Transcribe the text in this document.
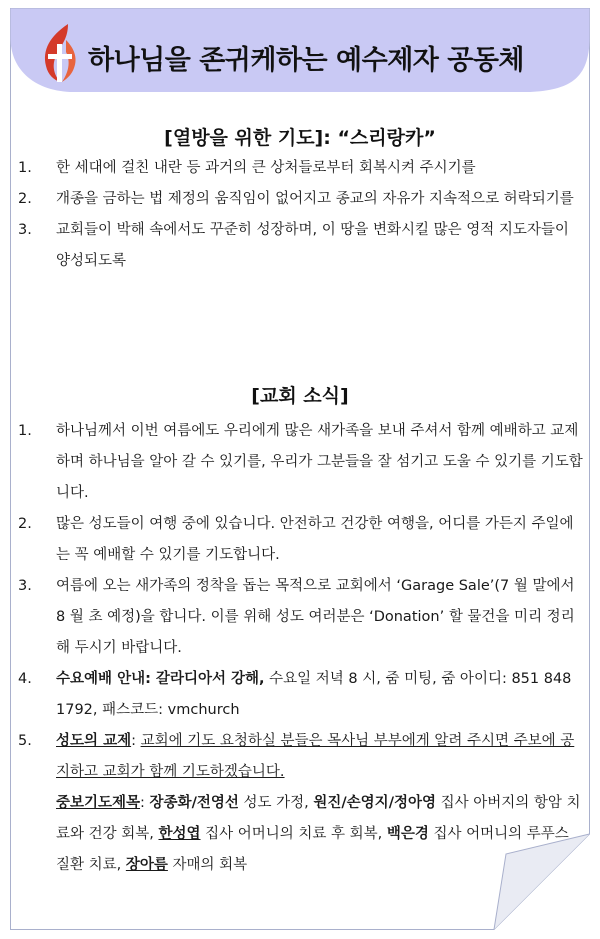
하나님을 존귀케하는 예수제자 공동체
[열방을 위한 기도]: “스리랑카”
1.	한 세대에 걸친 내란 등 과거의 큰 상처들로부터 회복시켜 주시기를
2.	개종을 금하는 법 제정의 움직임이 없어지고 종교의 자유가 지속적으로 허락되기를
3.	교회들이 박해 속에서도 꾸준히 성장하며, 이 땅을 변화시킬 많은 영적 지도자들이 양성되도록
[교회 소식]
1.	하나님께서 이번 여름에도 우리에게 많은 새가족을 보내 주셔서 함께 예배하고 교제하며 하나님을 알아 갈 수 있기를, 우리가 그분들을 잘 섬기고 도울 수 있기를 기도합니다.
2.	많은 성도들이 여행 중에 있습니다. 안전하고 건강한 여행을, 어디를 가든지 주일에는 꼭 예배할 수 있기를 기도합니다.
3.	여름에 오는 새가족의 정착을 돕는 목적으로 교회에서 ‘Garage Sale’(7 월 말에서 8 월 초 예정)을 합니다. 이를 위해 성도 여러분은 ‘Donation’ 할 물건을 미리 정리해 두시기 바랍니다.
4.	수요예배 안내: 갈라디아서 강해, 수요일 저녁 8 시, 줌 미팅, 줌 아이디: 851 848 1792, 패스코드: vmchurch
5.	성도의 교제: 교회에 기도 요청하실 분들은 목사님 부부에게 알려 주시면 주보에 공지하고 교회가 함께 기도하겠습니다.
중보기도제목: 장종화/전영선 성도 가정, 원진/손영지/정아영 집사 아버지의 항암 치료와 건강 회복, 한성엽 집사 어머니의 치료 후 회복, 백은경 집사 어머니의 루푸스 질환 치료, 장아름 자매의 회복
